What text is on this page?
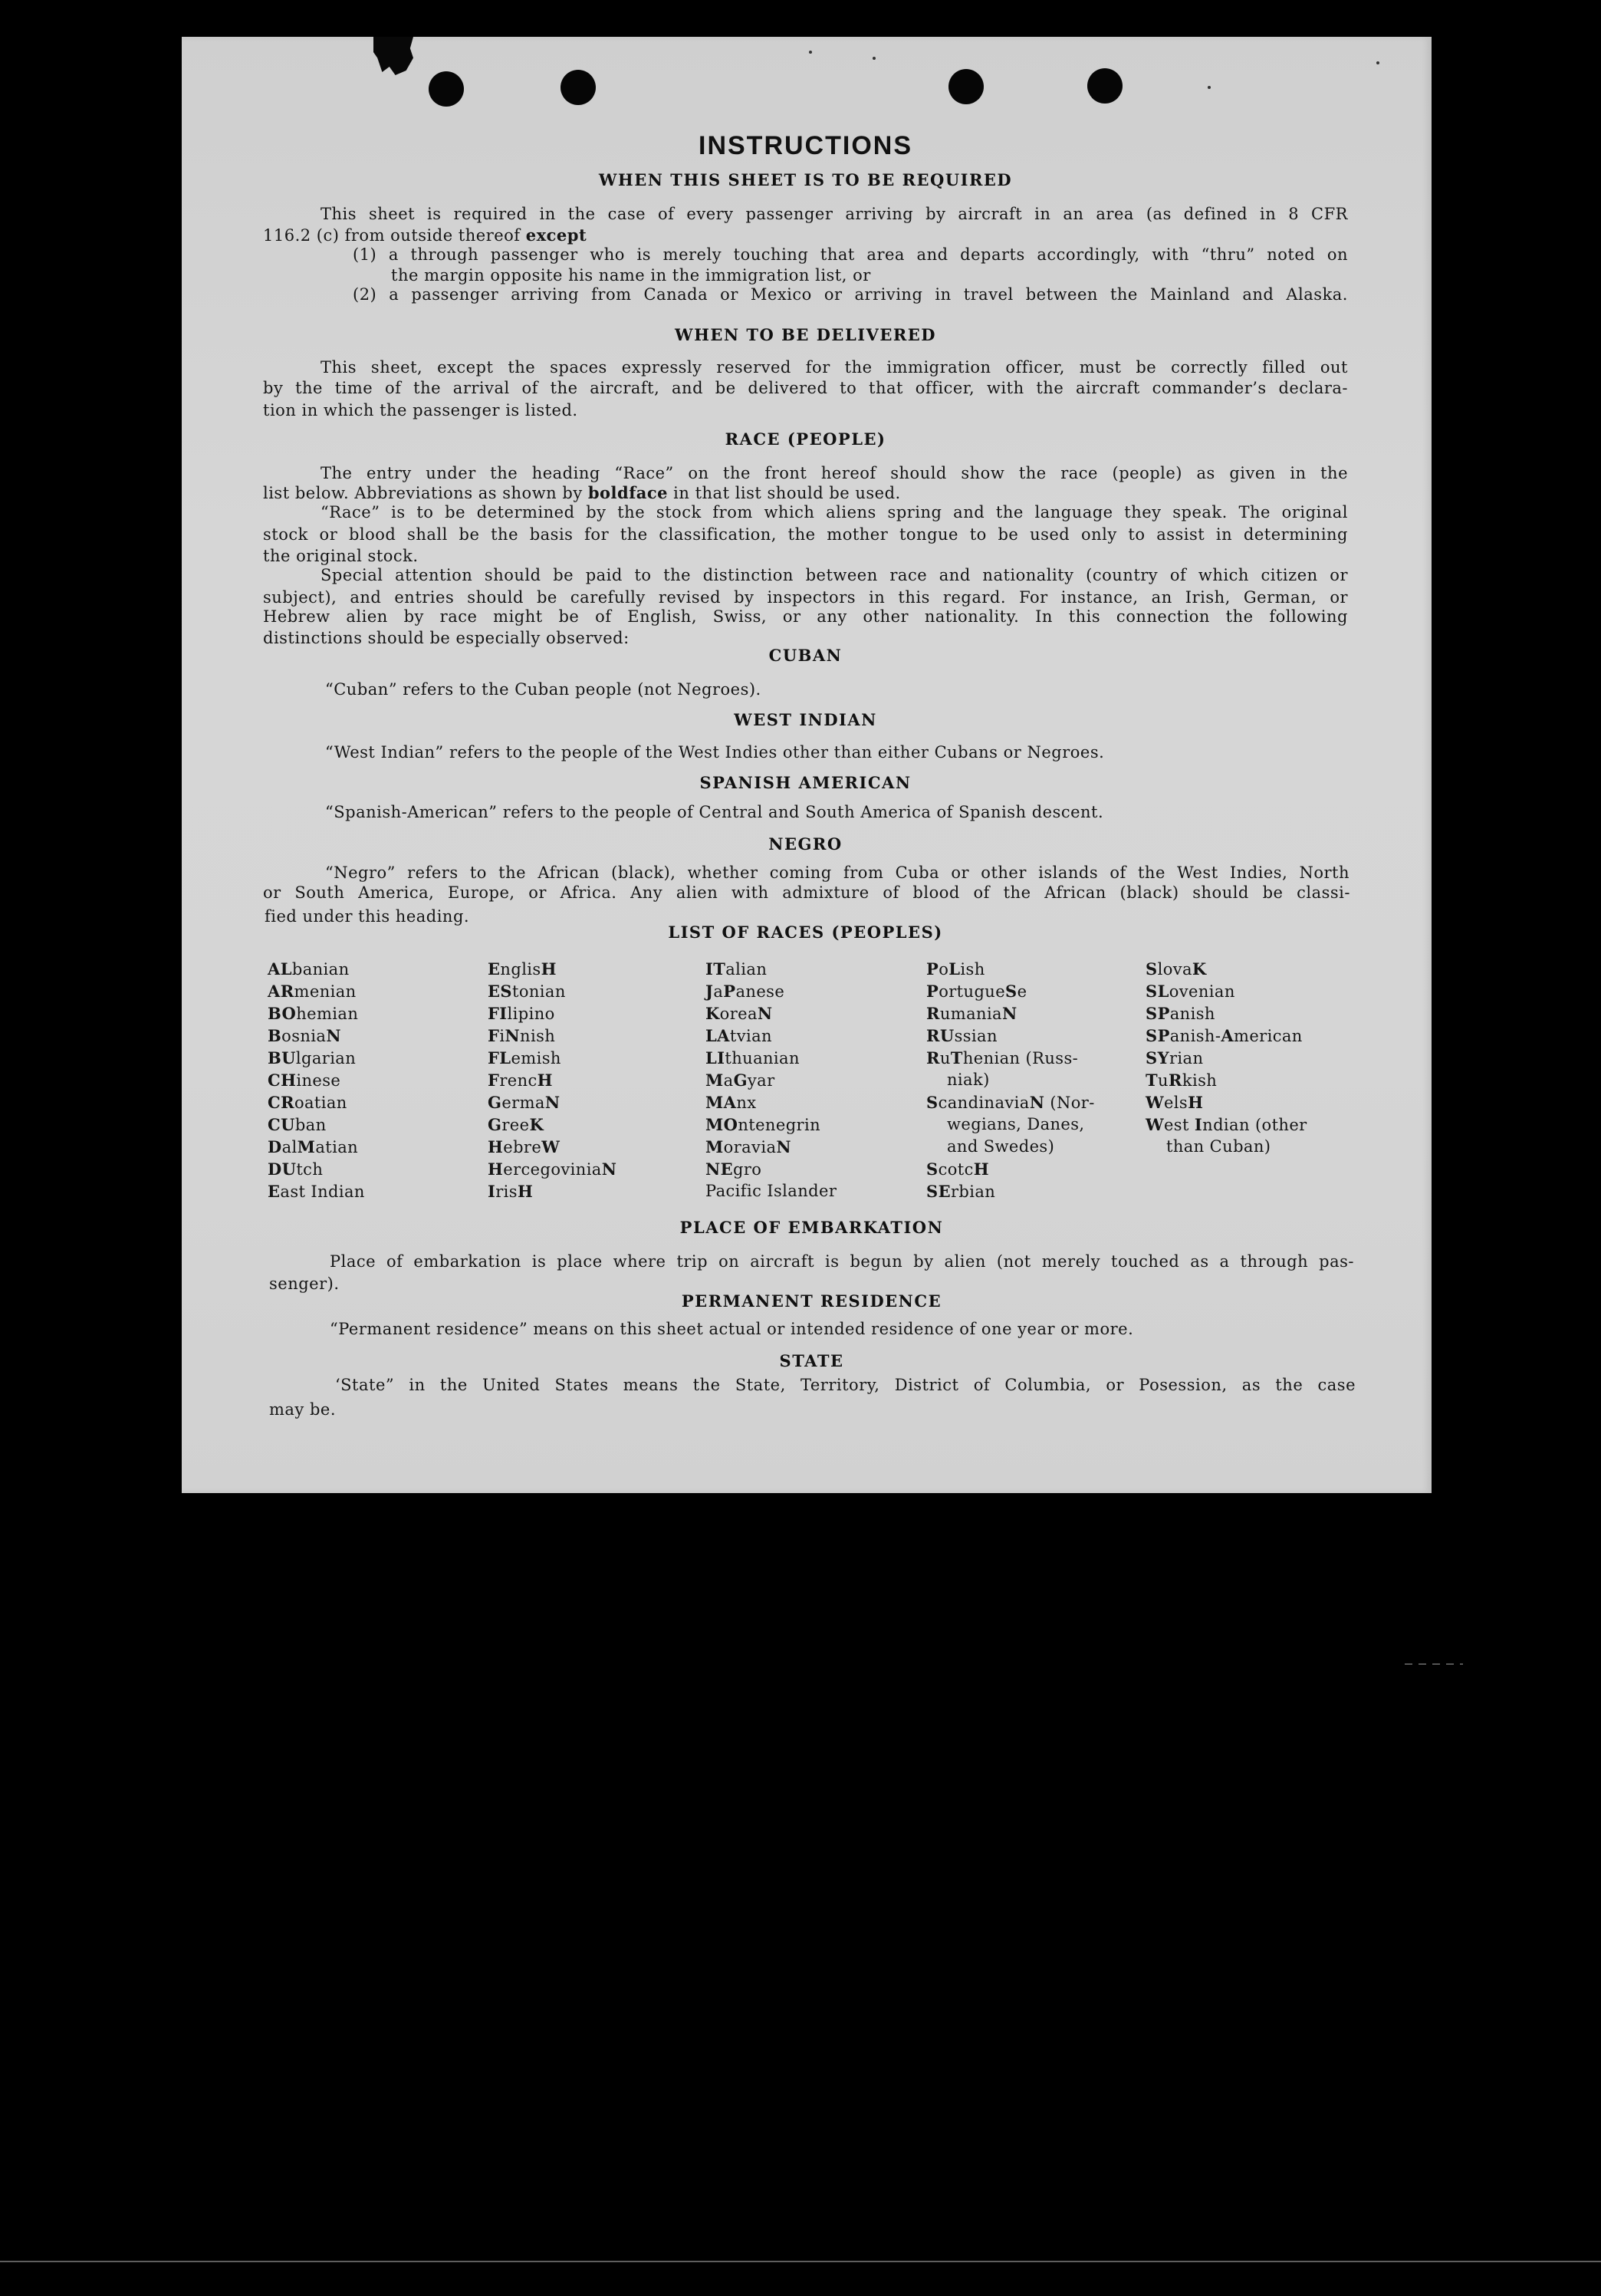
INSTRUCTIONS
WHEN THIS SHEET IS TO BE REQUIRED
This sheet is required in the case of every passenger arriving by aircraft in an area (as defined in 8 CFR
116.2 (c) from outside thereof except
(1) a through passenger who is merely touching that area and departs accordingly, with “thru” noted on
the margin opposite his name in the immigration list, or
(2) a passenger arriving from Canada or Mexico or arriving in travel between the Mainland and Alaska.
WHEN TO BE DELIVERED
This sheet, except the spaces expressly reserved for the immigration officer, must be correctly filled out
by the time of the arrival of the aircraft, and be delivered to that officer, with the aircraft commander’s declara-
tion in which the passenger is listed.
RACE (PEOPLE)
The entry under the heading “Race” on the front hereof should show the race (people) as given in the
list below. Abbreviations as shown by boldface in that list should be used.
“Race” is to be determined by the stock from which aliens spring and the language they speak. The original
stock or blood shall be the basis for the classification, the mother tongue to be used only to assist in determining
the original stock.
Special attention should be paid to the distinction between race and nationality (country of which citizen or
subject), and entries should be carefully revised by inspectors in this regard. For instance, an Irish, German, or
Hebrew alien by race might be of English, Swiss, or any other nationality. In this connection the following
distinctions should be especially observed:
CUBAN
“Cuban” refers to the Cuban people (not Negroes).
WEST INDIAN
“West Indian” refers to the people of the West Indies other than either Cubans or Negroes.
SPANISH AMERICAN
“Spanish-American” refers to the people of Central and South America of Spanish descent.
NEGRO
“Negro” refers to the African (black), whether coming from Cuba or other islands of the West Indies, North
or South America, Europe, or Africa. Any alien with admixture of blood of the African (black) should be classi-
fied under this heading.
LIST OF RACES (PEOPLES)
ALbanian
ARmenian
BOhemian
BosniaN
BUlgarian
CHinese
CRoatian
CUban
DalMatian
DUtch
East Indian
EnglisH
EStonian
FIlipino
FiNnish
FLemish
FrencH
GermaN
GreeK
HebreW
HercegoviniaN
IrisH
ITalian
JaPanese
KoreaN
LAtvian
LIthuanian
MaGyar
MAnx
MOntenegrin
MoraviaN
NEgro
Pacific Islander
PoLish
PortugueSe
RumaniaN
RUssian
RuThenian (Russ-
niak)
ScandinaviaN (Nor-
wegians, Danes,
and Swedes)
ScotcH
SErbian
SlovaK
SLovenian
SPanish
SPanish-American
SYrian
TuRkish
WelsH
West Indian (other
than Cuban)
PLACE OF EMBARKATION
Place of embarkation is place where trip on aircraft is begun by alien (not merely touched as a through pas-
senger).
PERMANENT RESIDENCE
“Permanent residence” means on this sheet actual or intended residence of one year or more.
STATE
‘State” in the United States means the State, Territory, District of Columbia, or Posession, as the case
may be.
